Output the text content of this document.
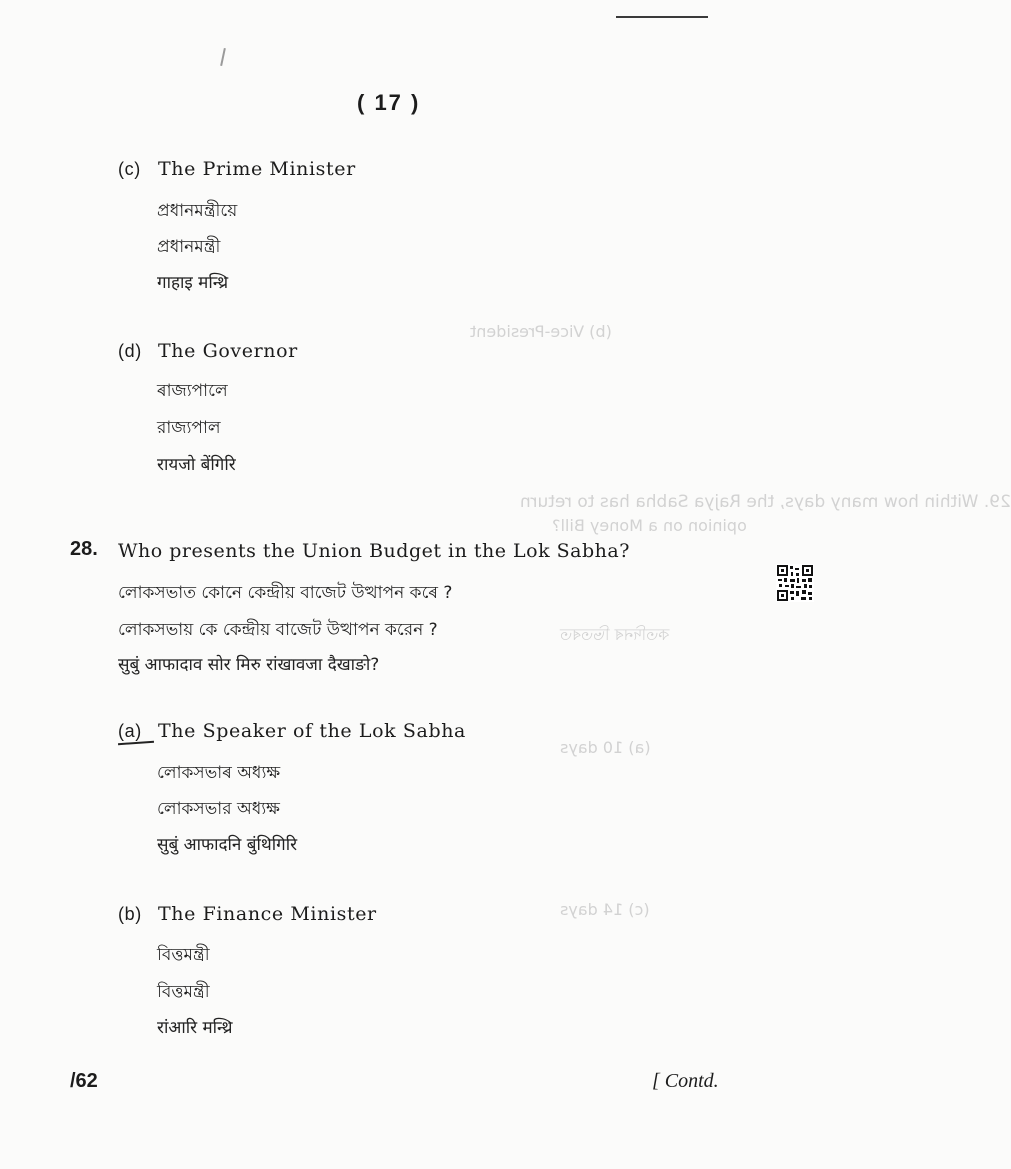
( 17 )
29. Within how many days, the Rajya Sabha has to return
opinion on a Money Bill?
(b) Vice-President
কতদিনৰ ভিতৰত
(a) 10 days
(c) 14 days
(c) The Prime Minister
প্ৰধানমন্ত্ৰীয়ে
প্রধানমন্ত্রী
गाहाइ मन्थ्रि
(d) The Governor
ৰাজ্যপালে
রাজ্যপাল
रायजो बेंगिरि
28. Who presents the Union Budget in the Lok Sabha?
লোকসভাত কোনে কেন্দ্ৰীয় বাজেট উত্থাপন কৰে ?
লোকসভায় কে কেন্দ্রীয় বাজেট উত্থাপন করেন ?
सुबुं आफादाव सोर मिरु रांखावजा दैखाङो?
(a) The Speaker of the Lok Sabha
লোকসভাৰ অধ্যক্ষ
লোকসভার অধ্যক্ষ
सुबुं आफादनि बुंथिगिरि
(b) The Finance Minister
বিত্তমন্ত্ৰী
বিত্তমন্ত্রী
रांआरि मन्थ्रि
/62	[ Contd.
